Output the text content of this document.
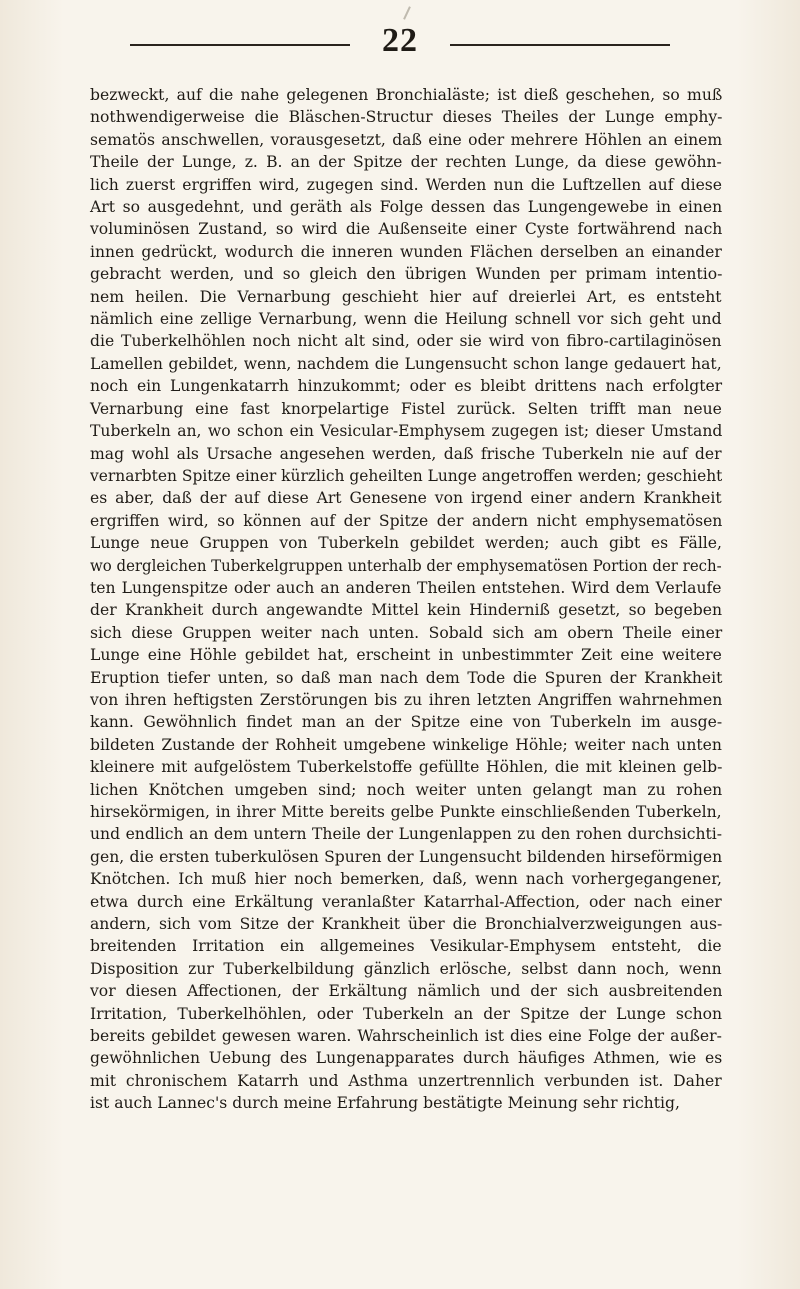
22
bezweckt, auf die nahe gelegenen Bronchialäste; ist dieß geschehen, so muß
nothwendigerweise die Bläschen-Structur dieses Theiles der Lunge emphy-
sematös anschwellen, vorausgesetzt, daß eine oder mehrere Höhlen an einem
Theile der Lunge, z. B. an der Spitze der rechten Lunge, da diese gewöhn-
lich zuerst ergriffen wird, zugegen sind. Werden nun die Luftzellen auf diese
Art so ausgedehnt, und geräth als Folge dessen das Lungengewebe in einen
voluminösen Zustand, so wird die Außenseite einer Cyste fortwährend nach
innen gedrückt, wodurch die inneren wunden Flächen derselben an einander
gebracht werden, und so gleich den übrigen Wunden per primam intentio-
nem heilen. Die Vernarbung geschieht hier auf dreierlei Art, es entsteht
nämlich eine zellige Vernarbung, wenn die Heilung schnell vor sich geht und
die Tuberkelhöhlen noch nicht alt sind, oder sie wird von fibro-cartilaginösen
Lamellen gebildet, wenn, nachdem die Lungensucht schon lange gedauert hat,
noch ein Lungenkatarrh hinzukommt; oder es bleibt drittens nach erfolgter
Vernarbung eine fast knorpelartige Fistel zurück. Selten trifft man neue
Tuberkeln an, wo schon ein Vesicular-Emphysem zugegen ist; dieser Umstand
mag wohl als Ursache angesehen werden, daß frische Tuberkeln nie auf der
vernarbten Spitze einer kürzlich geheilten Lunge angetroffen werden; geschieht
es aber, daß der auf diese Art Genesene von irgend einer andern Krankheit
ergriffen wird, so können auf der Spitze der andern nicht emphysematösen
Lunge neue Gruppen von Tuberkeln gebildet werden; auch gibt es Fälle,
wo dergleichen Tuberkelgruppen unterhalb der emphysematösen Portion der rech-
ten Lungenspitze oder auch an anderen Theilen entstehen. Wird dem Verlaufe
der Krankheit durch angewandte Mittel kein Hinderniß gesetzt, so begeben
sich diese Gruppen weiter nach unten. Sobald sich am obern Theile einer
Lunge eine Höhle gebildet hat, erscheint in unbestimmter Zeit eine weitere
Eruption tiefer unten, so daß man nach dem Tode die Spuren der Krankheit
von ihren heftigsten Zerstörungen bis zu ihren letzten Angriffen wahrnehmen
kann. Gewöhnlich findet man an der Spitze eine von Tuberkeln im ausge-
bildeten Zustande der Rohheit umgebene winkelige Höhle; weiter nach unten
kleinere mit aufgelöstem Tuberkelstoffe gefüllte Höhlen, die mit kleinen gelb-
lichen Knötchen umgeben sind; noch weiter unten gelangt man zu rohen
hirsekörmigen, in ihrer Mitte bereits gelbe Punkte einschließenden Tuberkeln,
und endlich an dem untern Theile der Lungenlappen zu den rohen durchsichti-
gen, die ersten tuberkulösen Spuren der Lungensucht bildenden hirseförmigen
Knötchen. Ich muß hier noch bemerken, daß, wenn nach vorhergegangener,
etwa durch eine Erkältung veranlaßter Katarrhal-Affection, oder nach einer
andern, sich vom Sitze der Krankheit über die Bronchialverzweigungen aus-
breitenden Irritation ein allgemeines Vesikular-Emphysem entsteht, die
Disposition zur Tuberkelbildung gänzlich erlösche, selbst dann noch, wenn
vor diesen Affectionen, der Erkältung nämlich und der sich ausbreitenden
Irritation, Tuberkelhöhlen, oder Tuberkeln an der Spitze der Lunge schon
bereits gebildet gewesen waren. Wahrscheinlich ist dies eine Folge der außer-
gewöhnlichen Uebung des Lungenapparates durch häufiges Athmen, wie es
mit chronischem Katarrh und Asthma unzertrennlich verbunden ist. Daher
ist auch Lannec's durch meine Erfahrung bestätigte Meinung sehr richtig,
